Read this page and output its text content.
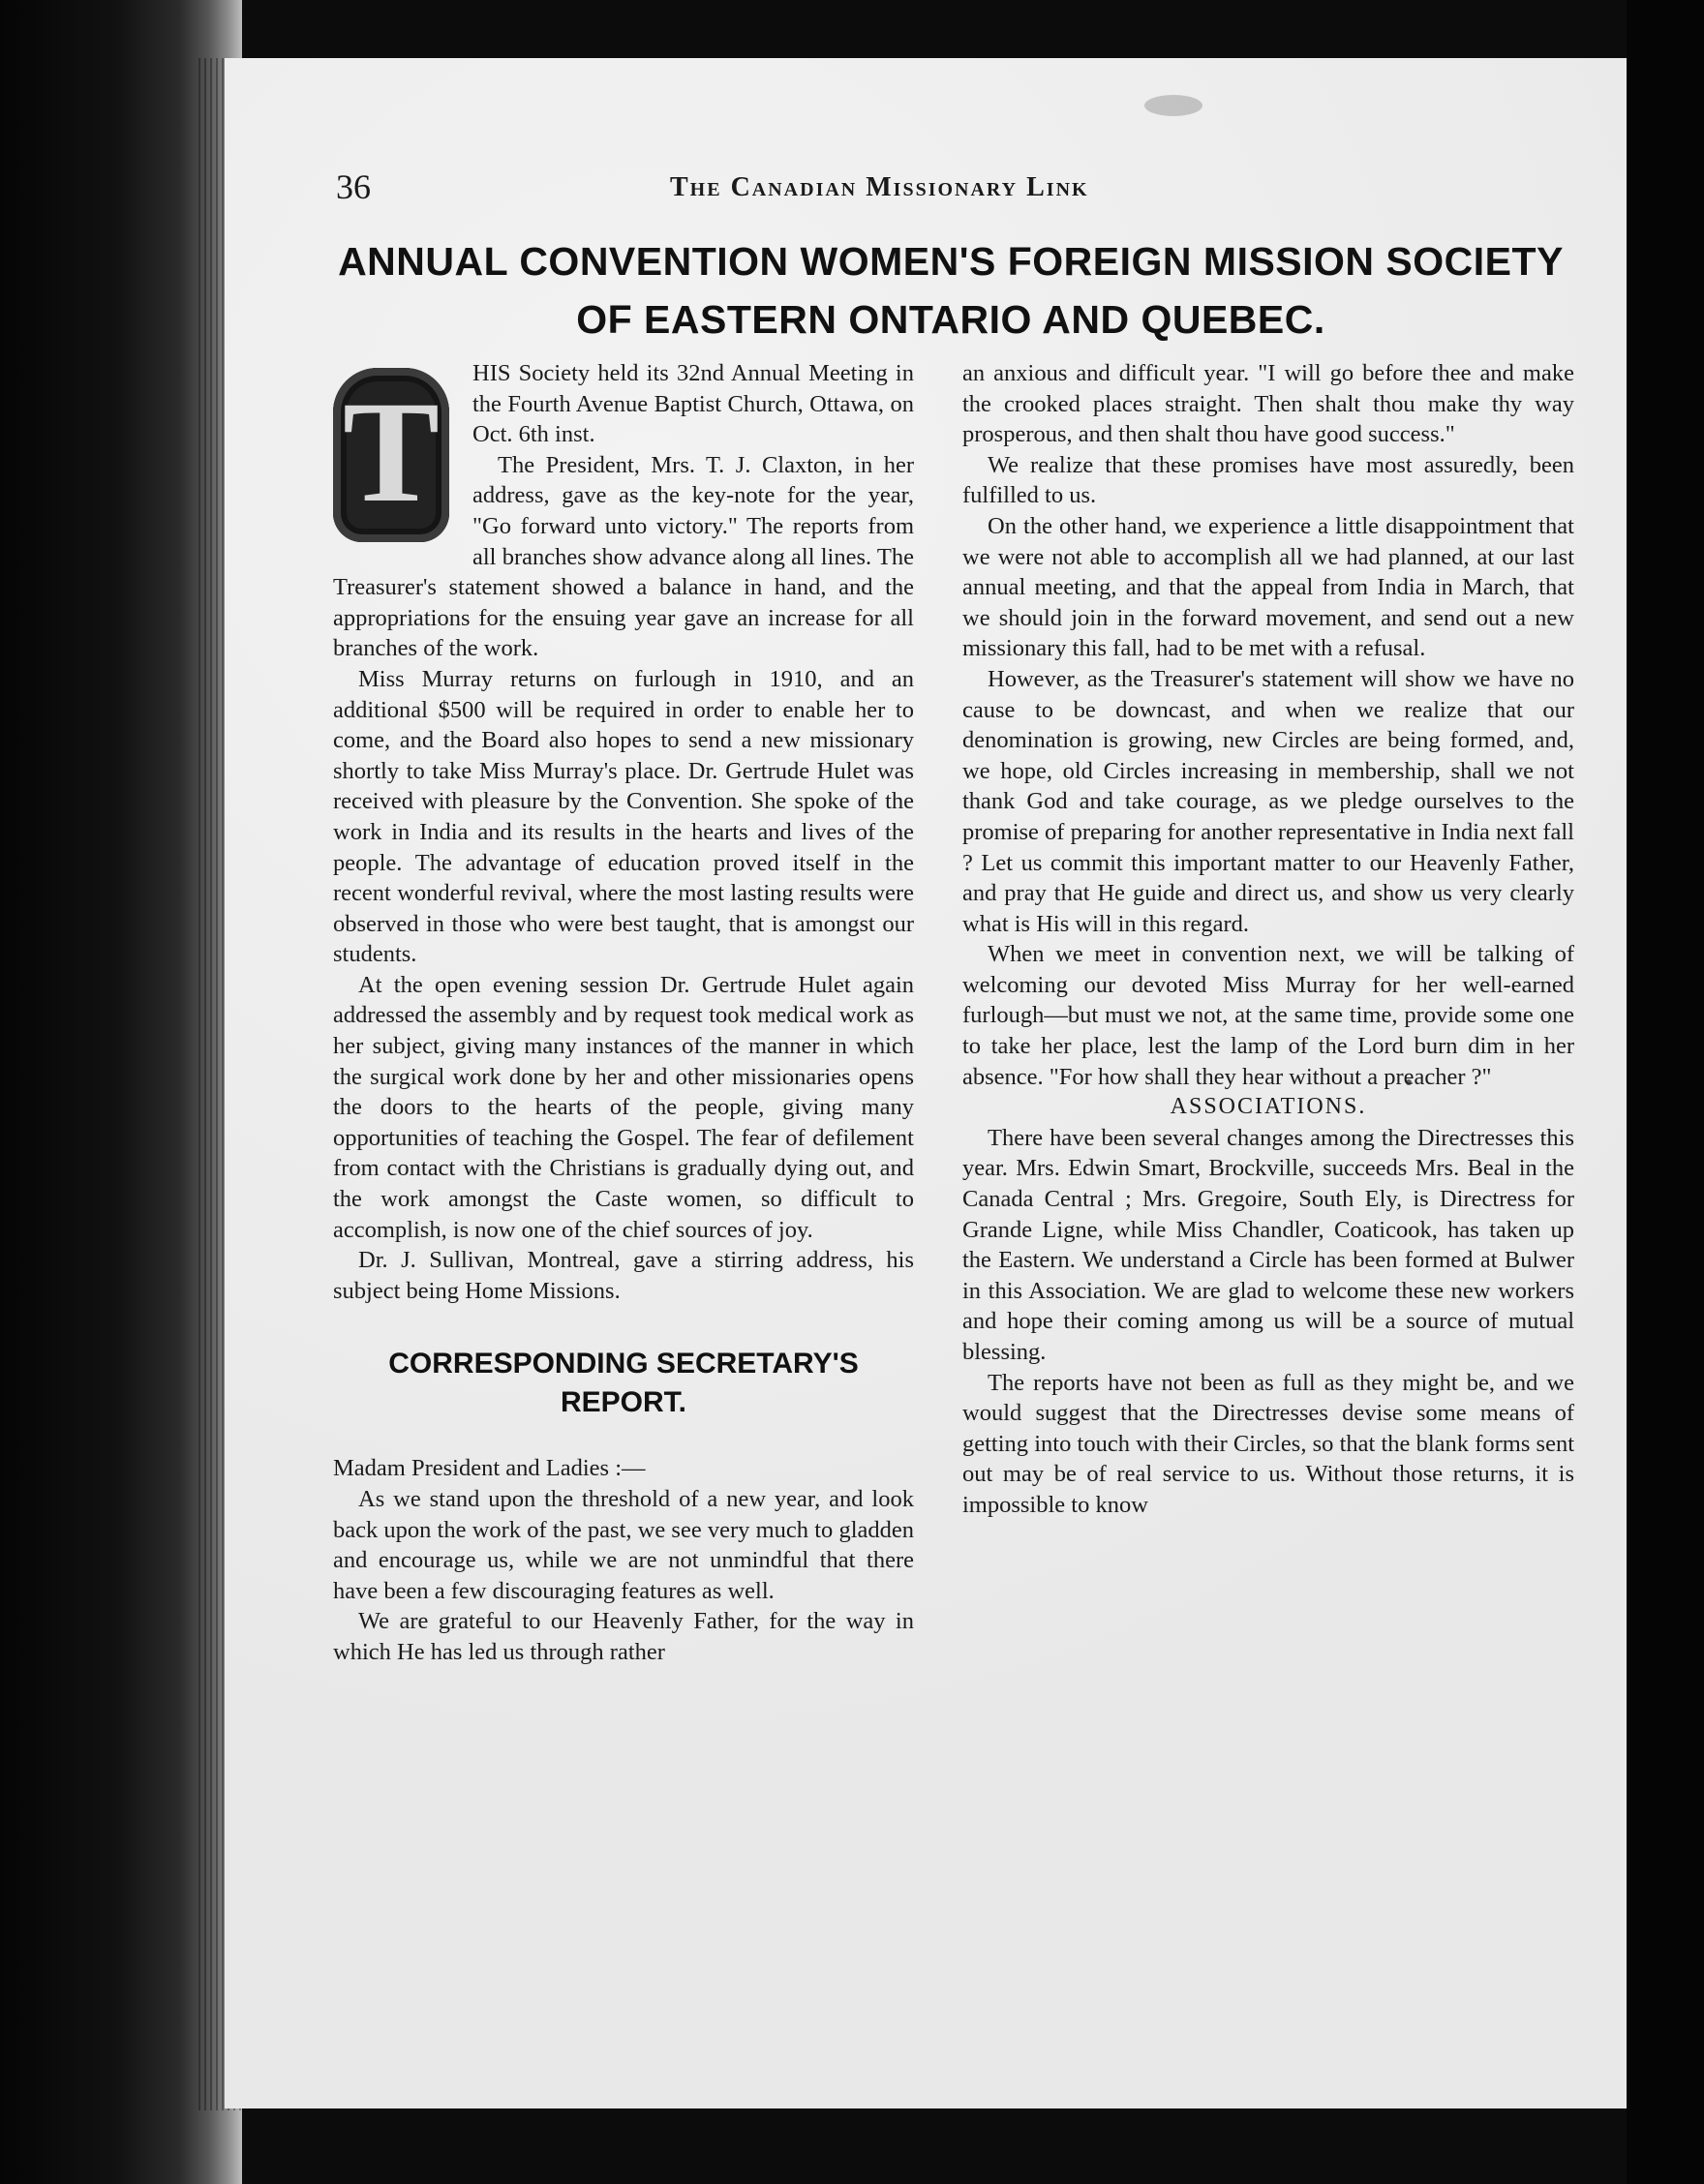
36	The Canadian Missionary Link
ANNUAL CONVENTION WOMEN'S FOREIGN MISSION SOCIETY
OF EASTERN ONTARIO AND QUEBEC.
T	HIS Society held its 32nd Annual Meeting in the Fourth Avenue Baptist Church, Ottawa, on Oct. 6th inst.

The President, Mrs. T. J. Claxton, in her address, gave as the key-note for the year, "Go forward unto victory." The reports from all branches show advance along all lines. The Treasurer's statement showed a balance in hand, and the appropriations for the ensuing year gave an increase for all branches of the work.

Miss Murray returns on furlough in 1910, and an additional $500 will be required in order to enable her to come, and the Board also hopes to send a new missionary shortly to take Miss Murray's place. Dr. Gertrude Hulet was received with pleasure by the Convention. She spoke of the work in India and its results in the hearts and lives of the people. The advantage of education proved itself in the recent wonderful revival, where the most lasting results were observed in those who were best taught, that is amongst our students.

At the open evening session Dr. Gertrude Hulet again addressed the assembly and by request took medical work as her subject, giving many instances of the manner in which the surgical work done by her and other missionaries opens the doors to the hearts of the people, giving many opportunities of teaching the Gospel. The fear of defilement from contact with the Christians is gradually dying out, and the work amongst the Caste women, so difficult to accomplish, is now one of the chief sources of joy.

Dr. J. Sullivan, Montreal, gave a stirring address, his subject being Home Missions.

CORRESPONDING SECRETARY'S
REPORT.

Madam President and Ladies :—

As we stand upon the threshold of a new year, and look back upon the work of the past, we see very much to gladden and encourage us, while we are not unmindful that there have been a few discouraging features as well.

We are grateful to our Heavenly Father, for the way in which He has led us through rather

an anxious and difficult year. "I will go before thee and make the crooked places straight. Then shalt thou make thy way prosperous, and then shalt thou have good success."

We realize that these promises have most assuredly, been fulfilled to us.

On the other hand, we experience a little disappointment that we were not able to accomplish all we had planned, at our last annual meeting, and that the appeal from India in March, that we should join in the forward movement, and send out a new missionary this fall, had to be met with a refusal.

However, as the Treasurer's statement will show we have no cause to be downcast, and when we realize that our denomination is growing, new Circles are being formed, and, we hope, old Circles increasing in membership, shall we not thank God and take courage, as we pledge ourselves to the promise of preparing for another representative in India next fall ? Let us commit this important matter to our Heavenly Father, and pray that He guide and direct us, and show us very clearly what is His will in this regard.

When we meet in convention next, we will be talking of welcoming our devoted Miss Murray for her well-earned furlough—but must we not, at the same time, provide some one to take her place, lest the lamp of the Lord burn dim in her absence. "For how shall they hear without a preacher ?"

ASSOCIATIONS.

There have been several changes among the Directresses this year. Mrs. Edwin Smart, Brockville, succeeds Mrs. Beal in the Canada Central ; Mrs. Gregoire, South Ely, is Directress for Grande Ligne, while Miss Chandler, Coaticook, has taken up the Eastern. We understand a Circle has been formed at Bulwer in this Association. We are glad to welcome these new workers and hope their coming among us will be a source of mutual blessing.

The reports have not been as full as they might be, and we would suggest that the Directresses devise some means of getting into touch with their Circles, so that the blank forms sent out may be of real service to us. Without those returns, it is impossible to know
